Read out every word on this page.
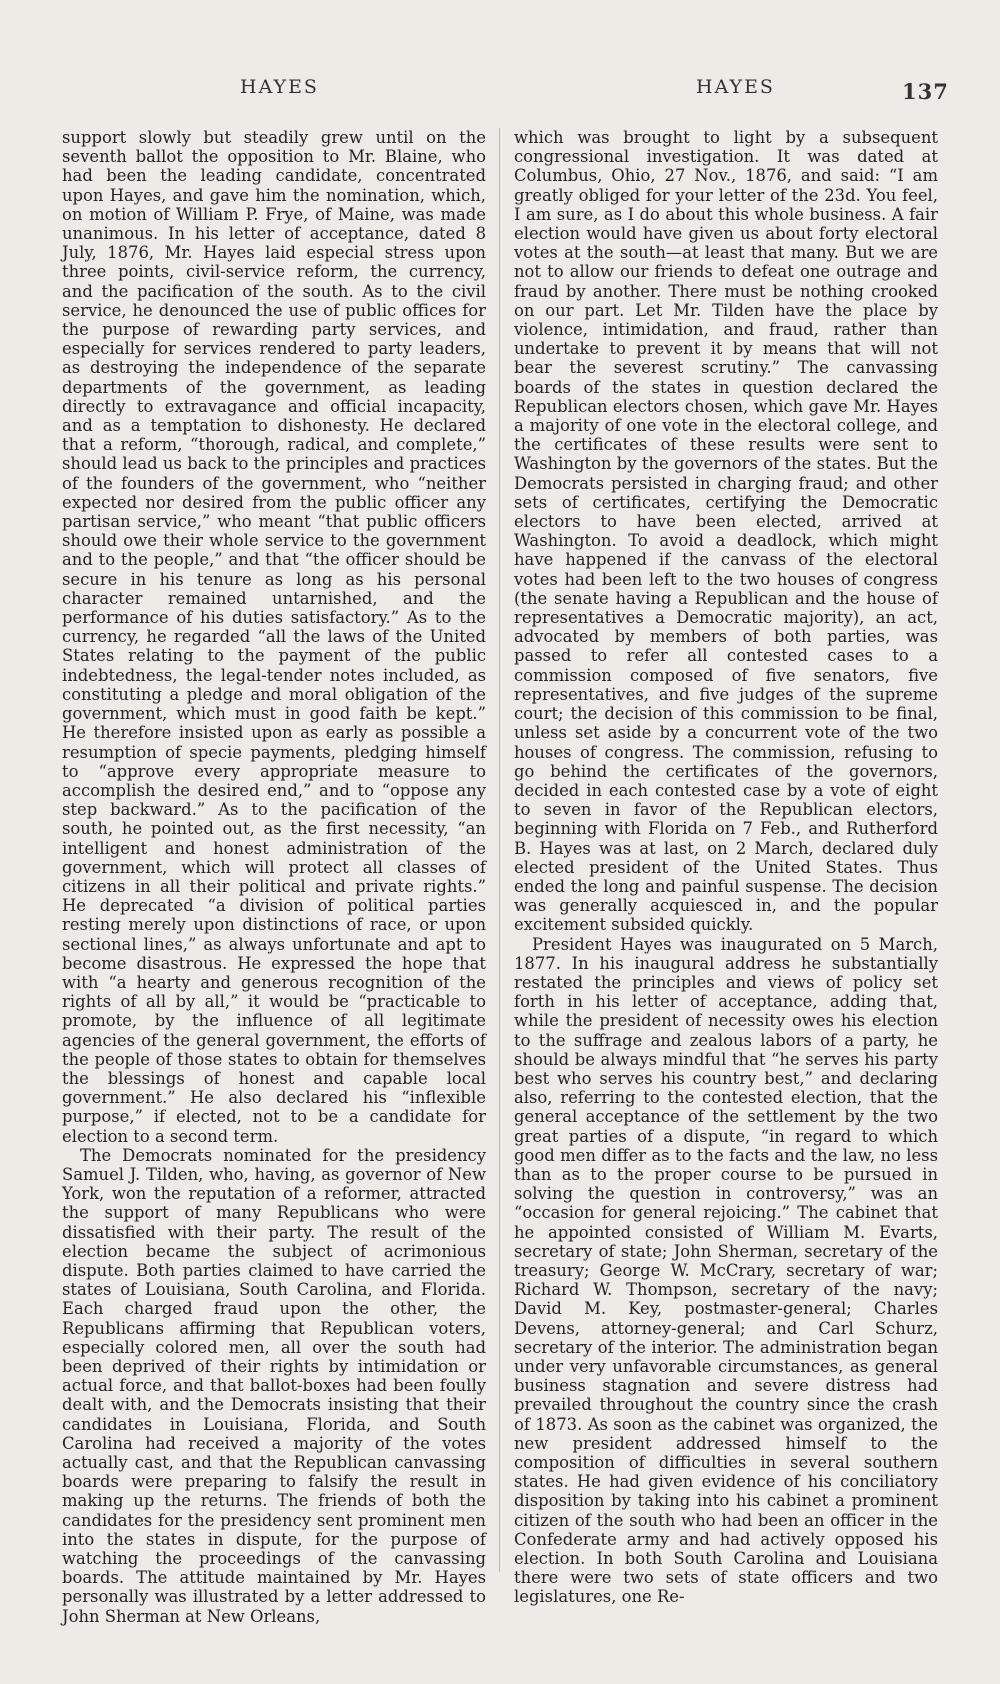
HAYES	HAYES	137

support slowly but steadily grew until on the seventh ballot the opposition to Mr. Blaine, who had been the leading candidate, concentrated upon Hayes, and gave him the nomination, which, on motion of William P. Frye, of Maine, was made unanimous. In his letter of acceptance, dated 8 July, 1876, Mr. Hayes laid especial stress upon three points, civil-service reform, the currency, and the pacification of the south. As to the civil service, he denounced the use of public offices for the purpose of rewarding party services, and especially for services rendered to party leaders, as destroying the independence of the separate departments of the government, as leading directly to extravagance and official incapacity, and as a temptation to dishonesty. He declared that a reform, “thorough, radical, and complete,” should lead us back to the principles and practices of the founders of the government, who “neither expected nor desired from the public officer any partisan service,” who meant “that public officers should owe their whole service to the government and to the people,” and that “the officer should be secure in his tenure as long as his personal character remained untarnished, and the performance of his duties satisfactory.” As to the currency, he regarded “all the laws of the United States relating to the payment of the public indebtedness, the legal-tender notes included, as constituting a pledge and moral obligation of the government, which must in good faith be kept.” He therefore insisted upon as early as possible a resumption of specie payments, pledging himself to “approve every appropriate measure to accomplish the desired end,” and to “oppose any step backward.” As to the pacification of the south, he pointed out, as the first necessity, “an intelligent and honest administration of the government, which will protect all classes of citizens in all their political and private rights.” He deprecated “a division of political parties resting merely upon distinctions of race, or upon sectional lines,” as always unfortunate and apt to become disastrous. He expressed the hope that with “a hearty and generous recognition of the rights of all by all,” it would be “practicable to promote, by the influence of all legitimate agencies of the general government, the efforts of the people of those states to obtain for themselves the blessings of honest and capable local government.” He also declared his “inflexible purpose,” if elected, not to be a candidate for election to a second term.

The Democrats nominated for the presidency Samuel J. Tilden, who, having, as governor of New York, won the reputation of a reformer, attracted the support of many Republicans who were dissatisfied with their party. The result of the election became the subject of acrimonious dispute. Both parties claimed to have carried the states of Louisiana, South Carolina, and Florida. Each charged fraud upon the other, the Republicans affirming that Republican voters, especially colored men, all over the south had been deprived of their rights by intimidation or actual force, and that ballot-boxes had been foully dealt with, and the Democrats insisting that their candidates in Louisiana, Florida, and South Carolina had received a majority of the votes actually cast, and that the Republican canvassing boards were preparing to falsify the result in making up the returns. The friends of both the candidates for the presidency sent prominent men into the states in dispute, for the purpose of watching the proceedings of the canvassing boards. The attitude maintained by Mr. Hayes personally was illustrated by a letter addressed to John Sherman at New Orleans,

which was brought to light by a subsequent congressional investigation. It was dated at Columbus, Ohio, 27 Nov., 1876, and said: “I am greatly obliged for your letter of the 23d. You feel, I am sure, as I do about this whole business. A fair election would have given us about forty electoral votes at the south—at least that many. But we are not to allow our friends to defeat one outrage and fraud by another. There must be nothing crooked on our part. Let Mr. Tilden have the place by violence, intimidation, and fraud, rather than undertake to prevent it by means that will not bear the severest scrutiny.” The canvassing boards of the states in question declared the Republican electors chosen, which gave Mr. Hayes a majority of one vote in the electoral college, and the certificates of these results were sent to Washington by the governors of the states. But the Democrats persisted in charging fraud; and other sets of certificates, certifying the Democratic electors to have been elected, arrived at Washington. To avoid a deadlock, which might have happened if the canvass of the electoral votes had been left to the two houses of congress (the senate having a Republican and the house of representatives a Democratic majority), an act, advocated by members of both parties, was passed to refer all contested cases to a commission composed of five senators, five representatives, and five judges of the supreme court; the decision of this commission to be final, unless set aside by a concurrent vote of the two houses of congress. The commission, refusing to go behind the certificates of the governors, decided in each contested case by a vote of eight to seven in favor of the Republican electors, beginning with Florida on 7 Feb., and Rutherford B. Hayes was at last, on 2 March, declared duly elected president of the United States. Thus ended the long and painful suspense. The decision was generally acquiesced in, and the popular excitement subsided quickly.

President Hayes was inaugurated on 5 March, 1877. In his inaugural address he substantially restated the principles and views of policy set forth in his letter of acceptance, adding that, while the president of necessity owes his election to the suffrage and zealous labors of a party, he should be always mindful that “he serves his party best who serves his country best,” and declaring also, referring to the contested election, that the general acceptance of the settlement by the two great parties of a dispute, “in regard to which good men differ as to the facts and the law, no less than as to the proper course to be pursued in solving the question in controversy,” was an “occasion for general rejoicing.” The cabinet that he appointed consisted of William M. Evarts, secretary of state; John Sherman, secretary of the treasury; George W. McCrary, secretary of war; Richard W. Thompson, secretary of the navy; David M. Key, postmaster-general; Charles Devens, attorney-general; and Carl Schurz, secretary of the interior. The administration began under very unfavorable circumstances, as general business stagnation and severe distress had prevailed throughout the country since the crash of 1873. As soon as the cabinet was organized, the new president addressed himself to the composition of difficulties in several southern states. He had given evidence of his conciliatory disposition by taking into his cabinet a prominent citizen of the south who had been an officer in the Confederate army and had actively opposed his election. In both South Carolina and Louisiana there were two sets of state officers and two legislatures, one Re-
